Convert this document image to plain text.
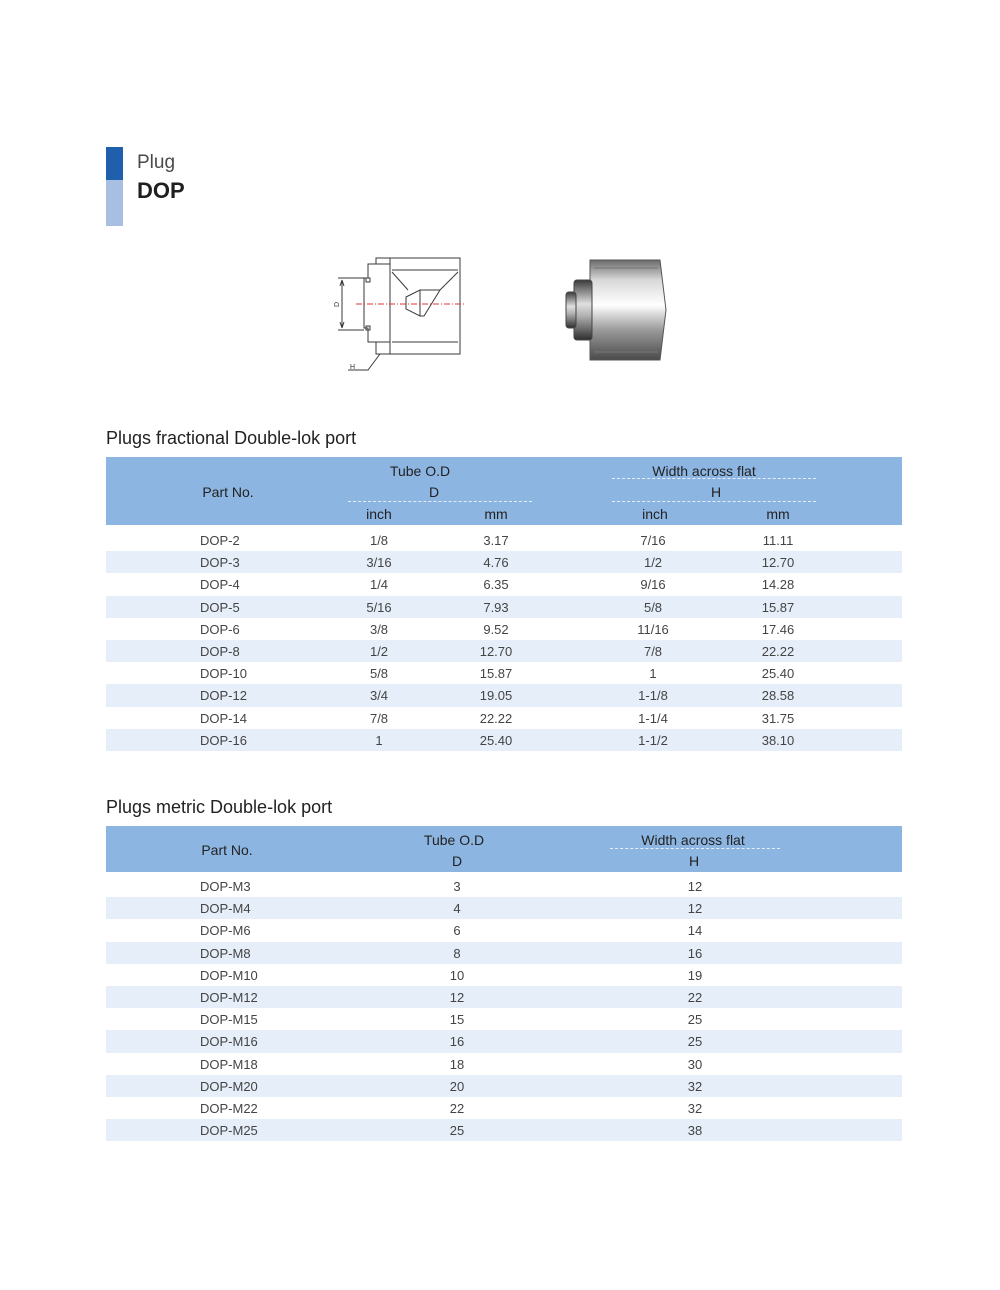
Plug
DOP
D
H
Plugs fractional Double-lok port
Part No.
Tube O.D
D
Width across flat
H
inch	mm	inch	mm
DOP-2	1/8	3.17	7/16	11.11
DOP-3	3/16	4.76	1/2	12.70
DOP-4	1/4	6.35	9/16	14.28
DOP-5	5/16	7.93	5/8	15.87
DOP-6	3/8	9.52	11/16	17.46
DOP-8	1/2	12.70	7/8	22.22
DOP-10	5/8	15.87	1	25.40
DOP-12	3/4	19.05	1-1/8	28.58
DOP-14	7/8	22.22	1-1/4	31.75
DOP-16	1	25.40	1-1/2	38.10
Plugs metric Double-lok port
Part No.
Tube O.D
D
Width across flat
H
DOP-M3	3	12
DOP-M4	4	12
DOP-M6	6	14
DOP-M8	8	16
DOP-M10	10	19
DOP-M12	12	22
DOP-M15	15	25
DOP-M16	16	25
DOP-M18	18	30
DOP-M20	20	32
DOP-M22	22	32
DOP-M25	25	38
